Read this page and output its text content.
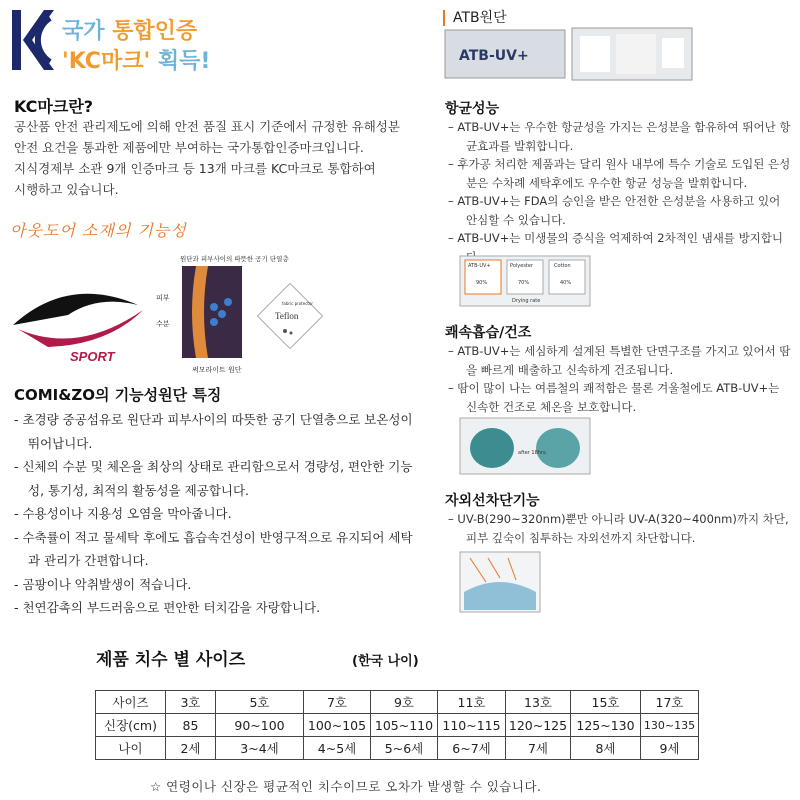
국가 통합인증
'KC마크' 획득!
KC마크란?
공산품 안전 관리제도에 의해 안전 품질 표시 기준에서 규정한 유해성분
안전 요건을 통과한 제품에만 부여하는 국가통합인증마크입니다.
지식경제부 소관 9개 인증마크 등 13개 마크를 KC마크로 통합하여
시행하고 있습니다.
아웃도어 소재의 기능성
LYCRA
SPORT
원단과 피부사이의 따뜻한 공기 단열층
피부
수분
써모라이트 원단
fabric protector
Teflon
COMI&ZO의 기능성원단 특징
- 초경량 중공섬유로 원단과 피부사이의 따뜻한 공기 단열층으로 보온성이 뛰어납니다.
- 신체의 수분 및 체온을 최상의 상태로 관리함으로서 경량성, 편안한 기능성, 통기성, 최적의 활동성을 제공합니다.
- 수용성이나 지용성 오염을 막아줍니다.
- 수축률이 적고 물세탁 후에도 흡습속건성이 반영구적으로 유지되어 세탁과 관리가 간편합니다.
- 곰팡이나 악취발생이 적습니다.
- 천연감촉의 부드러움으로 편안한 터치감을 자랑합니다.
ATB원단
ATB-UV+
항균성능
– ATB-UV+는 우수한 항균성을 가지는 은성분을 함유하여 뛰어난 항균효과를 발휘합니다.
– 후가공 처리한 제품과는 달리 원사 내부에 특수 기술로 도입된 은성분은 수차례 세탁후에도 우수한 항균 성능을 발휘합니다.
– ATB-UV+는 FDA의 승인을 받은 안전한 은성분을 사용하고 있어 안심할 수 있습니다.
– ATB-UV+는 미생물의 증식을 억제하여 2차적인 냄새를 방지합니
ATB-UV+	Polyester	Cotton
90%	70%	40%
Drying rate
쾌속흡습/건조
– ATB-UV+는 세심하게 설계된 특별한 단면구조를 가지고 있어서 땀을 빠르게 배출하고 신속하게 건조됩니다.
– 땀이 많이 나는 여름철의 쾌적함은 물론 겨울철에도 ATB-UV+는 신속한 건조로 체온을 보호합니다.
after 18hrs.
자외선차단기능
– UV-B(290~320nm)뿐만 아니라 UV-A(320~400nm)까지 차단, 피부 깊숙이 침투하는 자외선까지 차단합니다.
제품 치수 별 사이즈	(한국 나이)
사이즈	3호	5호	7호	9호	11호	13호	15호	17호
신장(cm)	85	90~100	100~105	105~110	110~115	120~125	125~130	130~135
나이	2세	3~4세	4~5세	5~6세	6~7세	7세	8세	9세
☆ 연령이나 신장은 평균적인 치수이므로 오차가 발생할 수 있습니다.
